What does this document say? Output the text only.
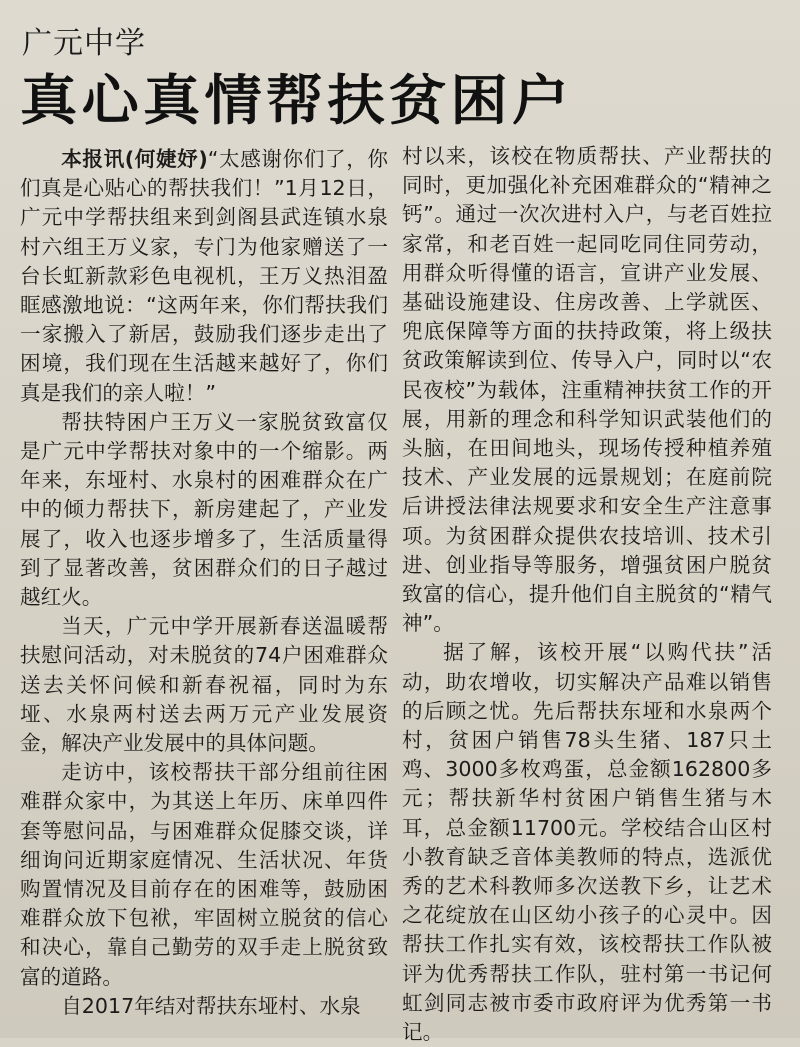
广元中学
真心真情帮扶贫困户

本报讯(何婕妤)“太感谢你们了，你们真是心贴心的帮扶我们！”1月12日，广元中学帮扶组来到剑阁县武连镇水泉村六组王万义家，专门为他家赠送了一台长虹新款彩色电视机，王万义热泪盈眶感激地说：“这两年来，你们帮扶我们一家搬入了新居，鼓励我们逐步走出了困境，我们现在生活越来越好了，你们真是我们的亲人啦！”

帮扶特困户王万义一家脱贫致富仅是广元中学帮扶对象中的一个缩影。两年来，东垭村、水泉村的困难群众在广中的倾力帮扶下，新房建起了，产业发展了，收入也逐步增多了，生活质量得到了显著改善，贫困群众们的日子越过越红火。

当天，广元中学开展新春送温暖帮扶慰问活动，对未脱贫的74户困难群众送去关怀问候和新春祝福，同时为东垭、水泉两村送去两万元产业发展资金，解决产业发展中的具体问题。

走访中，该校帮扶干部分组前往困难群众家中，为其送上年历、床单四件套等慰问品，与困难群众促膝交谈，详细询问近期家庭情况、生活状况、年货购置情况及目前存在的困难等，鼓励困难群众放下包袱，牢固树立脱贫的信心和决心，靠自己勤劳的双手走上脱贫致富的道路。

自2017年结对帮扶东垭村、水泉

村以来，该校在物质帮扶、产业帮扶的同时，更加强化补充困难群众的“精神之钙”。通过一次次进村入户，与老百姓拉家常，和老百姓一起同吃同住同劳动，用群众听得懂的语言，宣讲产业发展、基础设施建设、住房改善、上学就医、兜底保障等方面的扶持政策，将上级扶贫政策解读到位、传导入户，同时以“农民夜校”为载体，注重精神扶贫工作的开展，用新的理念和科学知识武装他们的头脑，在田间地头，现场传授种植养殖技术、产业发展的远景规划；在庭前院后讲授法律法规要求和安全生产注意事项。为贫困群众提供农技培训、技术引进、创业指导等服务，增强贫困户脱贫致富的信心，提升他们自主脱贫的“精气神”。

据了解，该校开展“以购代扶”活动，助农增收，切实解决产品难以销售的后顾之忧。先后帮扶东垭和水泉两个村，贫困户销售78头生猪、187只土鸡、3000多枚鸡蛋，总金额162800多元；帮扶新华村贫困户销售生猪与木耳，总金额11700元。学校结合山区村小教育缺乏音体美教师的特点，选派优秀的艺术科教师多次送教下乡，让艺术之花绽放在山区幼小孩子的心灵中。因帮扶工作扎实有效，该校帮扶工作队被评为优秀帮扶工作队，驻村第一书记何虹剑同志被市委市政府评为优秀第一书记。
